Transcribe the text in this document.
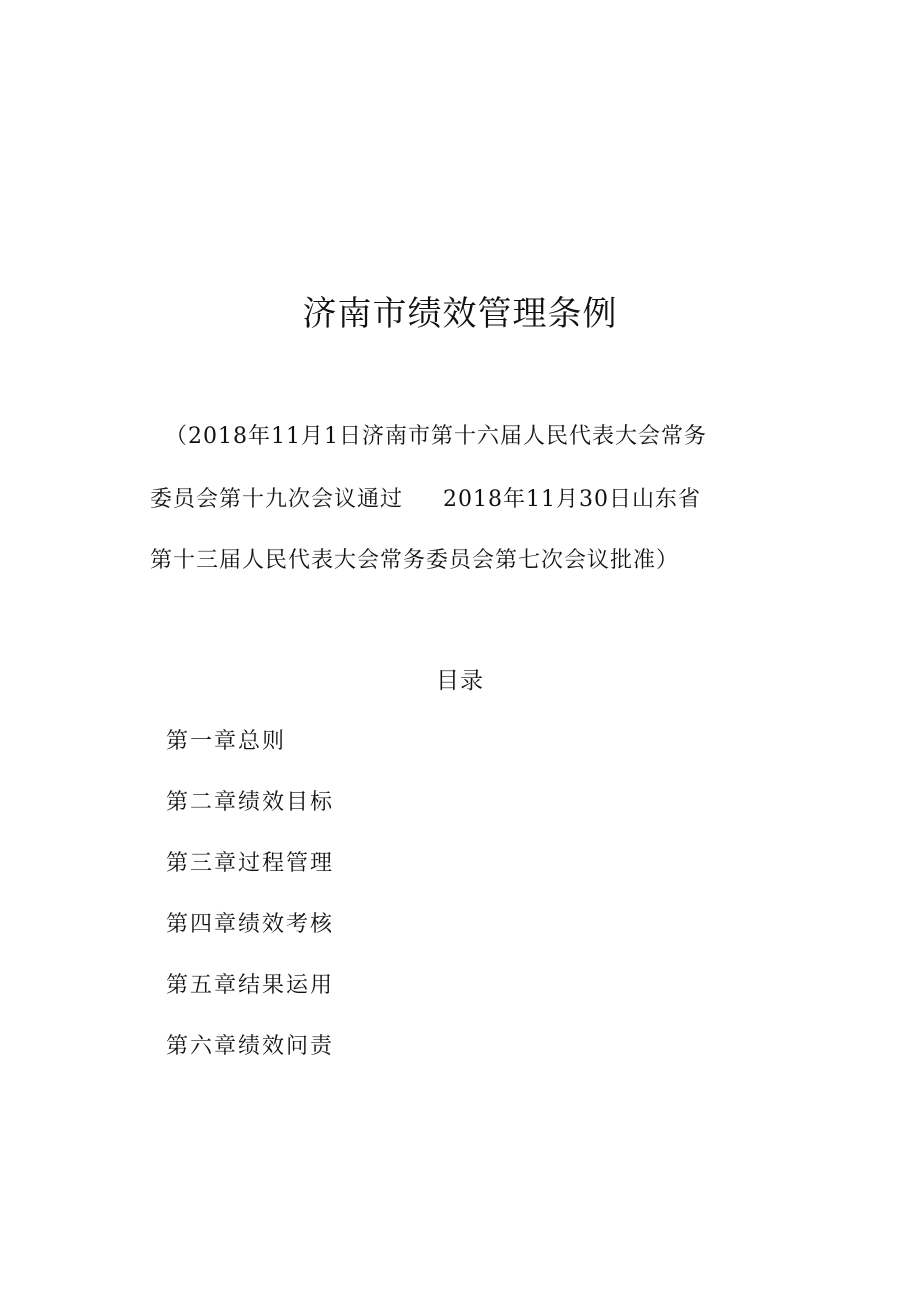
济南市绩效管理条例
（2018年11月1日济南市第十六届人民代表大会常务
委员会第十九次会议通过 2018年11月30日山东省
第十三届人民代表大会常务委员会第七次会议批准）
目录
第一章总则
第二章绩效目标
第三章过程管理
第四章绩效考核
第五章结果运用
第六章绩效问责
